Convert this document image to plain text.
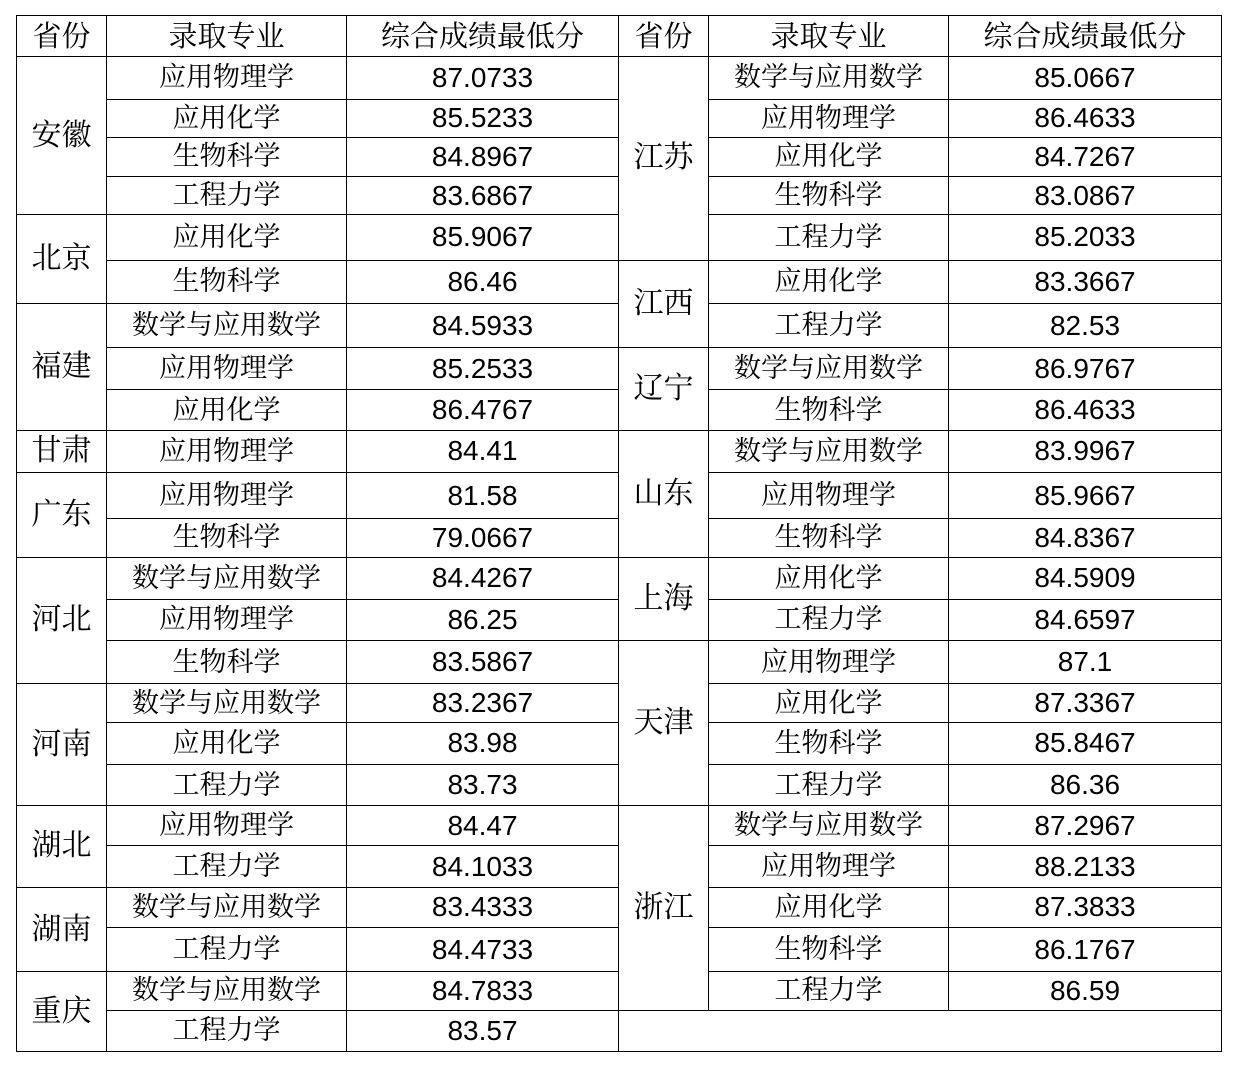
省份	录取专业	综合成绩最低分	省份	录取专业	综合成绩最低分
安徽	应用物理学	87.0733	江苏	数学与应用数学	85.0667
	应用化学	85.5233		应用物理学	86.4633
	生物科学	84.8967		应用化学	84.7267
	工程力学	83.6867		生物科学	83.0867
北京	应用化学	85.9067		工程力学	85.2033
	生物科学	86.46	江西	应用化学	83.3667
福建	数学与应用数学	84.5933		工程力学	82.53
	应用物理学	85.2533	辽宁	数学与应用数学	86.9767
	应用化学	86.4767		生物科学	86.4633
甘肃	应用物理学	84.41	山东	数学与应用数学	83.9967
广东	应用物理学	81.58		应用物理学	85.9667
	生物科学	79.0667		生物科学	84.8367
河北	数学与应用数学	84.4267	上海	应用化学	84.5909
	应用物理学	86.25		工程力学	84.6597
	生物科学	83.5867	天津	应用物理学	87.1
河南	数学与应用数学	83.2367		应用化学	87.3367
	应用化学	83.98		生物科学	85.8467
	工程力学	83.73		工程力学	86.36
湖北	应用物理学	84.47	浙江	数学与应用数学	87.2967
	工程力学	84.1033		应用物理学	88.2133
湖南	数学与应用数学	83.4333		应用化学	87.3833
	工程力学	84.4733		生物科学	86.1767
重庆	数学与应用数学	84.7833		工程力学	86.59
	工程力学	83.57			
